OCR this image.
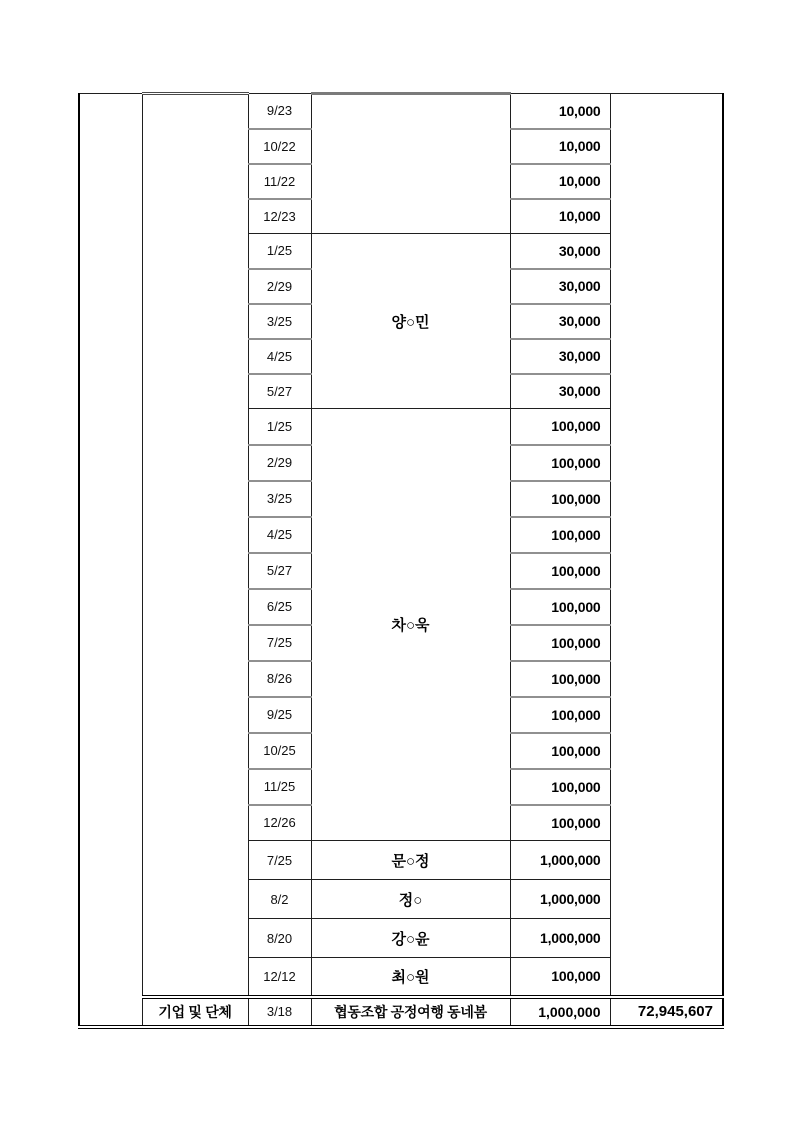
		9/23		10,000	
		10/22		10,000	
		11/22		10,000	
		12/23		10,000	
		1/25	양○민	30,000	
		2/29		30,000	
		3/25		30,000	
		4/25		30,000	
		5/27		30,000	
		1/25	차○욱	100,000	
		2/29		100,000	
		3/25		100,000	
		4/25		100,000	
		5/27		100,000	
		6/25		100,000	
		7/25		100,000	
		8/26		100,000	
		9/25		100,000	
		10/25		100,000	
		11/25		100,000	
		12/26		100,000	
		7/25	문○정	1,000,000	
		8/2	정○	1,000,000	
		8/20	강○윤	1,000,000	
		12/12	최○원	100,000	
	기업 및 단체	3/18	협동조합 공정여행 동네봄	1,000,000	72,945,607
